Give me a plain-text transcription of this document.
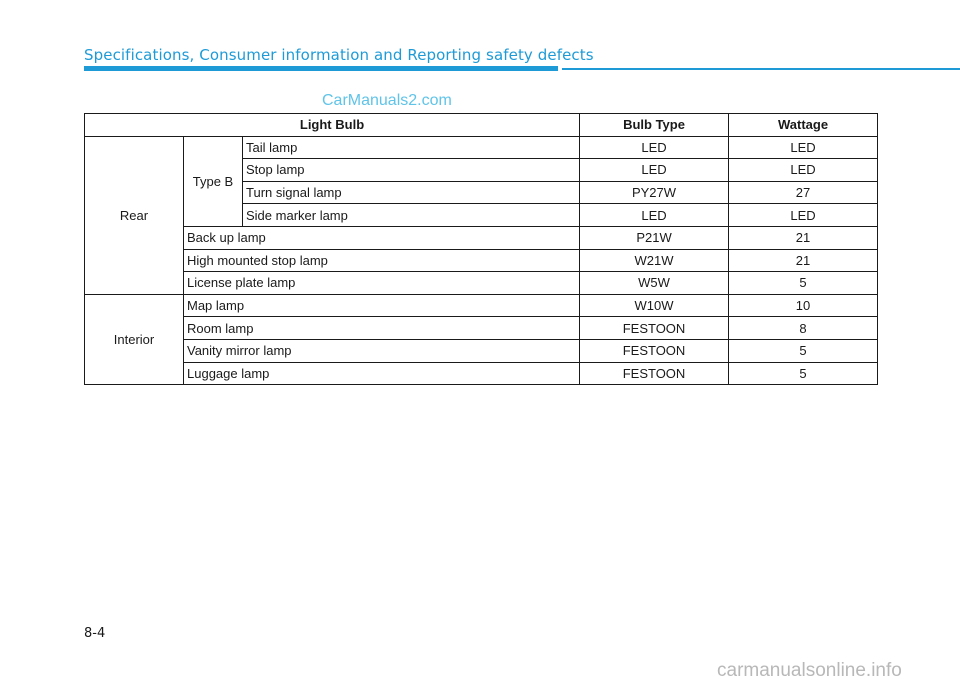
Specifications, Consumer information and Reporting safety defects
CarManuals2.com
Light Bulb			Bulb Type	Wattage
Rear	Type B	Tail lamp	LED	LED
		Stop lamp	LED	LED
		Turn signal lamp	PY27W	27
		Side marker lamp	LED	LED
	Back up lamp		P21W	21
	High mounted stop lamp		W21W	21
	License plate lamp		W5W	5
Interior	Map lamp		W10W	10
	Room lamp		FESTOON	8
	Vanity mirror lamp		FESTOON	5
	Luggage lamp		FESTOON	5
8-4
carmanualsonline.info
